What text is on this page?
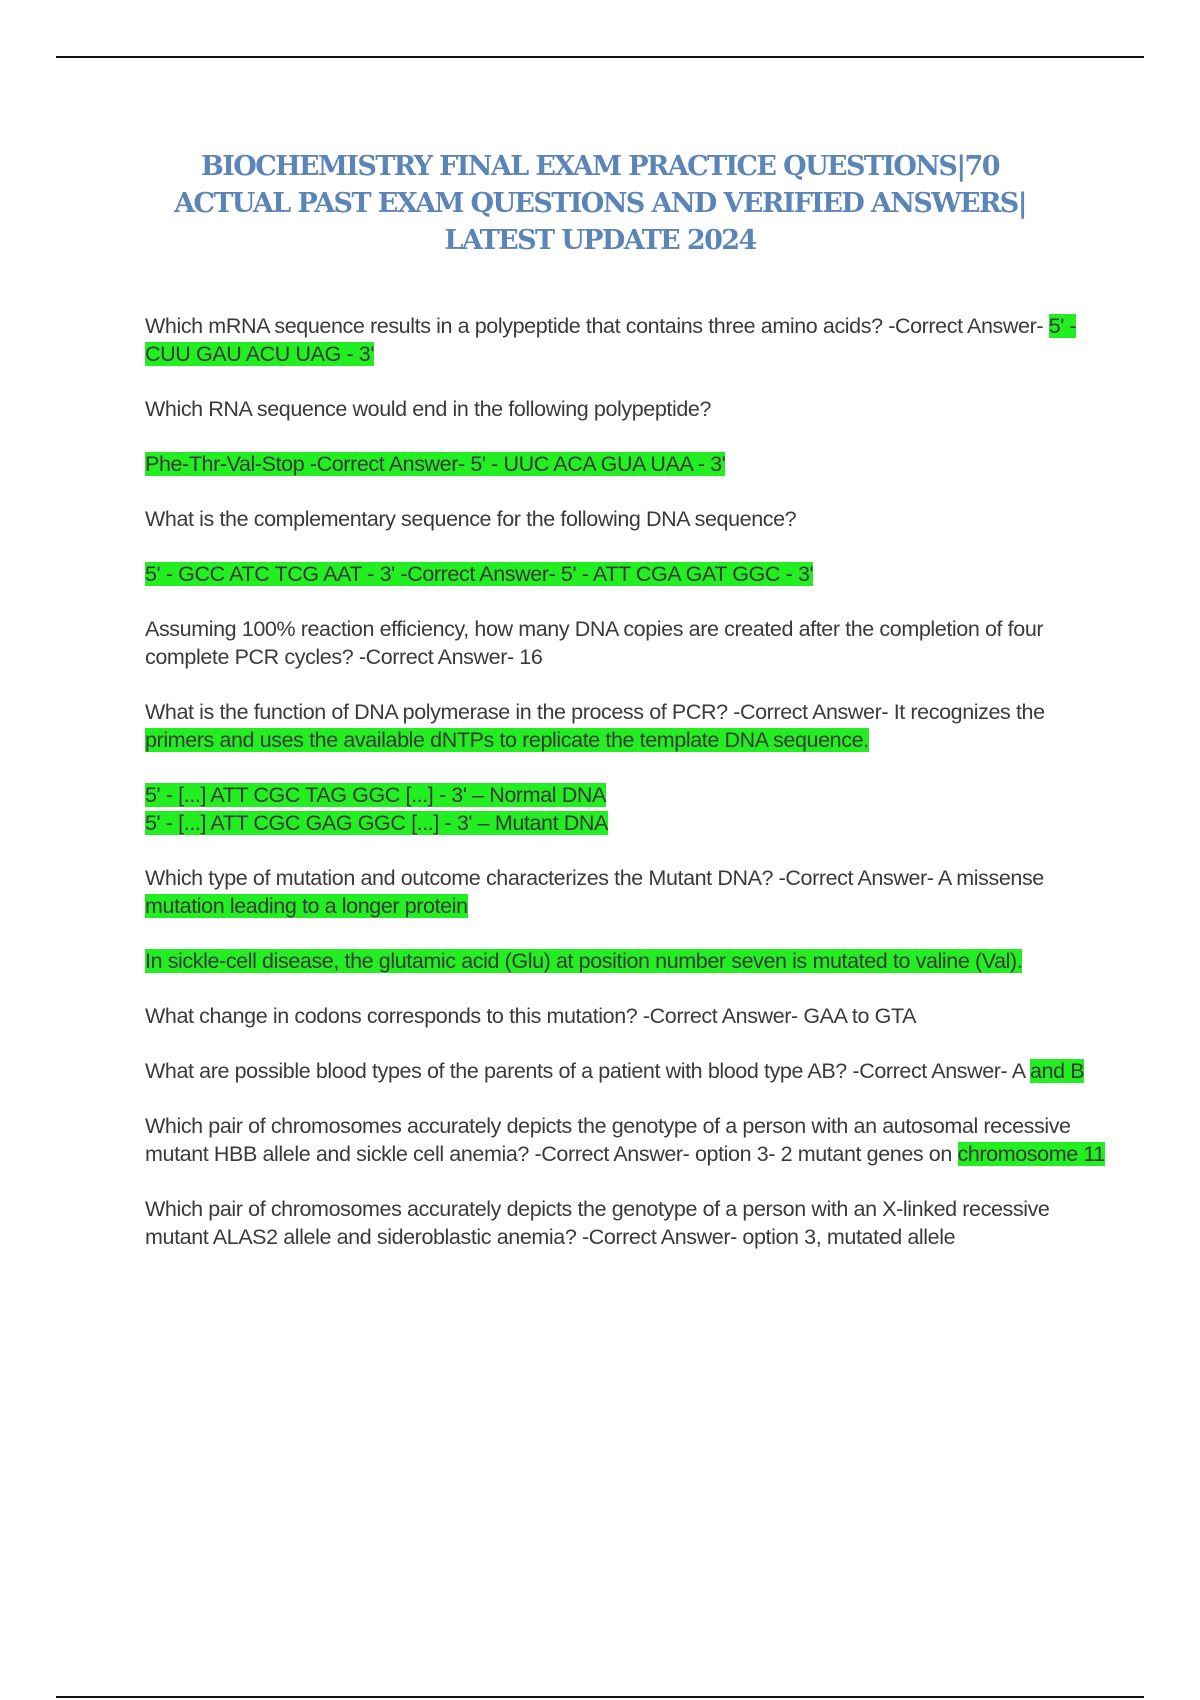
BIOCHEMISTRY FINAL EXAM PRACTICE QUESTIONS|70
ACTUAL PAST EXAM QUESTIONS AND VERIFIED ANSWERS|
LATEST UPDATE 2024

Which mRNA sequence results in a polypeptide that contains three amino acids? -Correct Answer- 5' - CUU GAU ACU UAG - 3'

Which RNA sequence would end in the following polypeptide?

Phe-Thr-Val-Stop -Correct Answer- 5' - UUC ACA GUA UAA - 3'

What is the complementary sequence for the following DNA sequence?

5' - GCC ATC TCG AAT - 3' -Correct Answer- 5' - ATT CGA GAT GGC - 3'

Assuming 100% reaction efficiency, how many DNA copies are created after the completion of four complete PCR cycles? -Correct Answer- 16

What is the function of DNA polymerase in the process of PCR? -Correct Answer- It recognizes the primers and uses the available dNTPs to replicate the template DNA sequence.

5' - [...] ATT CGC TAG GGC [...] - 3' – Normal DNA
5' - [...] ATT CGC GAG GGC [...] - 3' – Mutant DNA

Which type of mutation and outcome characterizes the Mutant DNA? -Correct Answer- A missense mutation leading to a longer protein

In sickle-cell disease, the glutamic acid (Glu) at position number seven is mutated to valine (Val).

What change in codons corresponds to this mutation? -Correct Answer- GAA to GTA

What are possible blood types of the parents of a patient with blood type AB? -Correct Answer- A and B

Which pair of chromosomes accurately depicts the genotype of a person with an autosomal recessive mutant HBB allele and sickle cell anemia? -Correct Answer- option 3- 2 mutant genes on chromosome 11

Which pair of chromosomes accurately depicts the genotype of a person with an X-linked recessive mutant ALAS2 allele and sideroblastic anemia? -Correct Answer- option 3, mutated allele
